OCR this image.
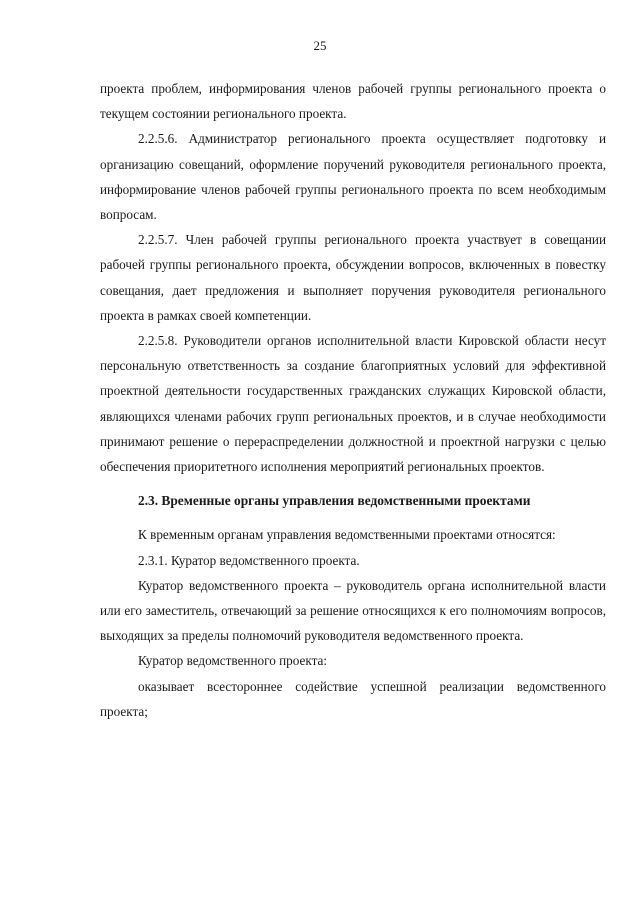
25

проекта проблем, информирования членов рабочей группы регионального проекта о текущем состоянии регионального проекта.

2.2.5.6. Администратор регионального проекта осуществляет подготовку и организацию совещаний, оформление поручений руководителя регионального проекта, информирование членов рабочей группы регионального проекта по всем необходимым вопросам.

2.2.5.7. Член рабочей группы регионального проекта участвует в совещании рабочей группы регионального проекта, обсуждении вопросов, включенных в повестку совещания, дает предложения и выполняет поручения руководителя регионального проекта в рамках своей компетенции.

2.2.5.8. Руководители органов исполнительной власти Кировской области несут персональную ответственность за создание благоприятных условий для эффективной проектной деятельности государственных гражданских служащих Кировской области, являющихся членами рабочих групп региональных проектов, и в случае необходимости принимают решение о перераспределении должностной и проектной нагрузки с целью обеспечения приоритетного исполнения мероприятий региональных проектов.

2.3. Временные органы управления ведомственными проектами

К временным органам управления ведомственными проектами относятся:

2.3.1. Куратор ведомственного проекта.

Куратор ведомственного проекта – руководитель органа исполнительной власти или его заместитель, отвечающий за решение относящихся к его полномочиям вопросов, выходящих за пределы полномочий руководителя ведомственного проекта.

Куратор ведомственного проекта:

оказывает всестороннее содействие успешной реализации ведомственного проекта;
